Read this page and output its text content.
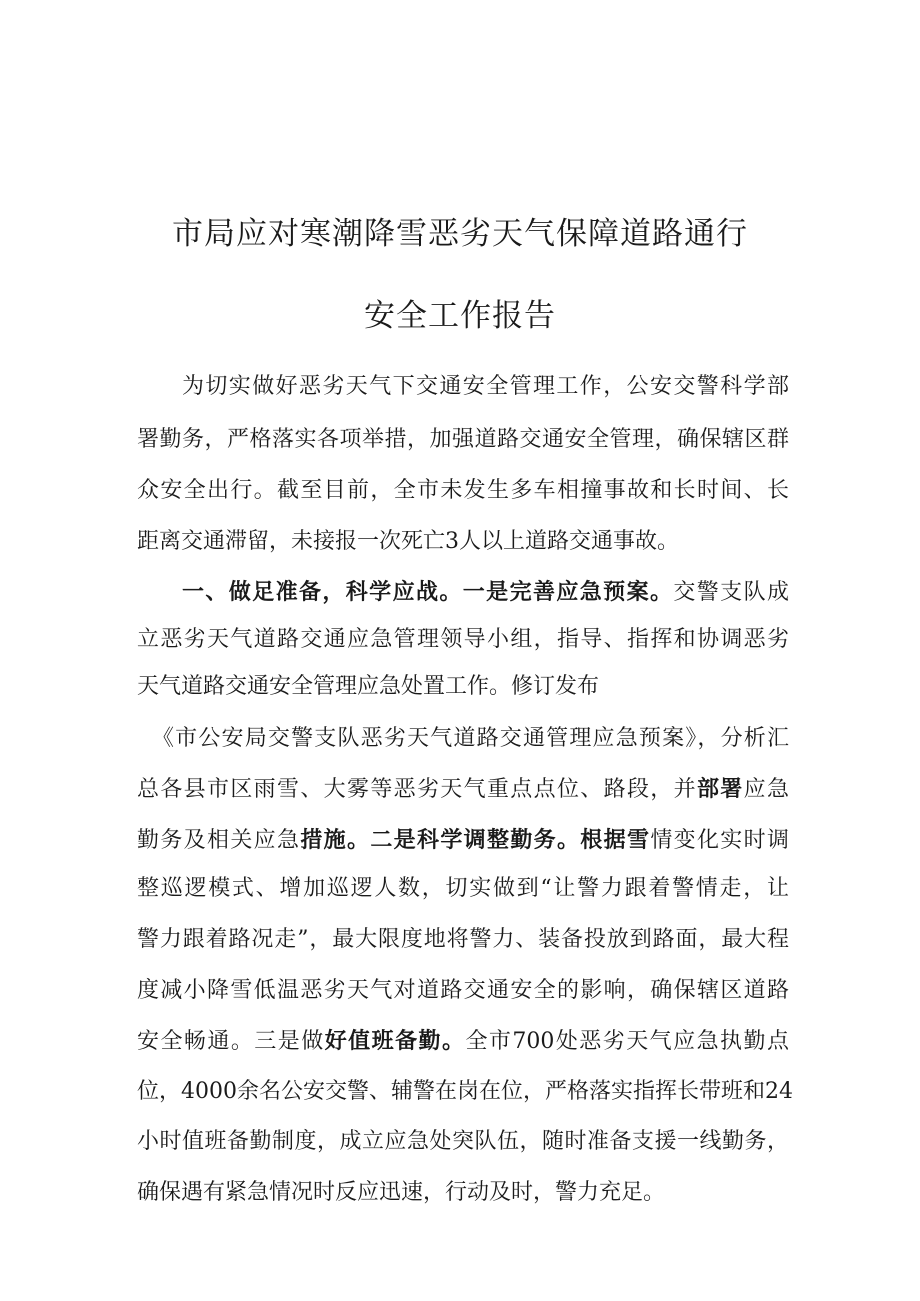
市局应对寒潮降雪恶劣天气保障道路通行
安全工作报告
为切实做好恶劣天气下交通安全管理工作，公安交警科学部
署勤务，严格落实各项举措，加强道路交通安全管理，确保辖区群
众安全出行。截至目前，全市未发生多车相撞事故和长时间、长
距离交通滞留，未接报一次死亡3人以上道路交通事故。
一、做足准备，科学应战。一是完善应急预案。交警支队成
立恶劣天气道路交通应急管理领导小组，指导、指挥和协调恶劣
天气道路交通安全管理应急处置工作。修订发布
《市公安局交警支队恶劣天气道路交通管理应急预案》，分析汇
总各县市区雨雪、大雾等恶劣天气重点点位、路段，并部署应急
勤务及相关应急措施。二是科学调整勤务。根据雪情变化实时调
整巡逻模式、增加巡逻人数，切实做到“让警力跟着警情走，让
警力跟着路况走”，最大限度地将警力、装备投放到路面，最大程
度减小降雪低温恶劣天气对道路交通安全的影响，确保辖区道路
安全畅通。三是做好值班备勤。全市700处恶劣天气应急执勤点
位，4000余名公安交警、辅警在岗在位，严格落实指挥长带班和24
小时值班备勤制度，成立应急处突队伍，随时准备支援一线勤务，
确保遇有紧急情况时反应迅速，行动及时，警力充足。
